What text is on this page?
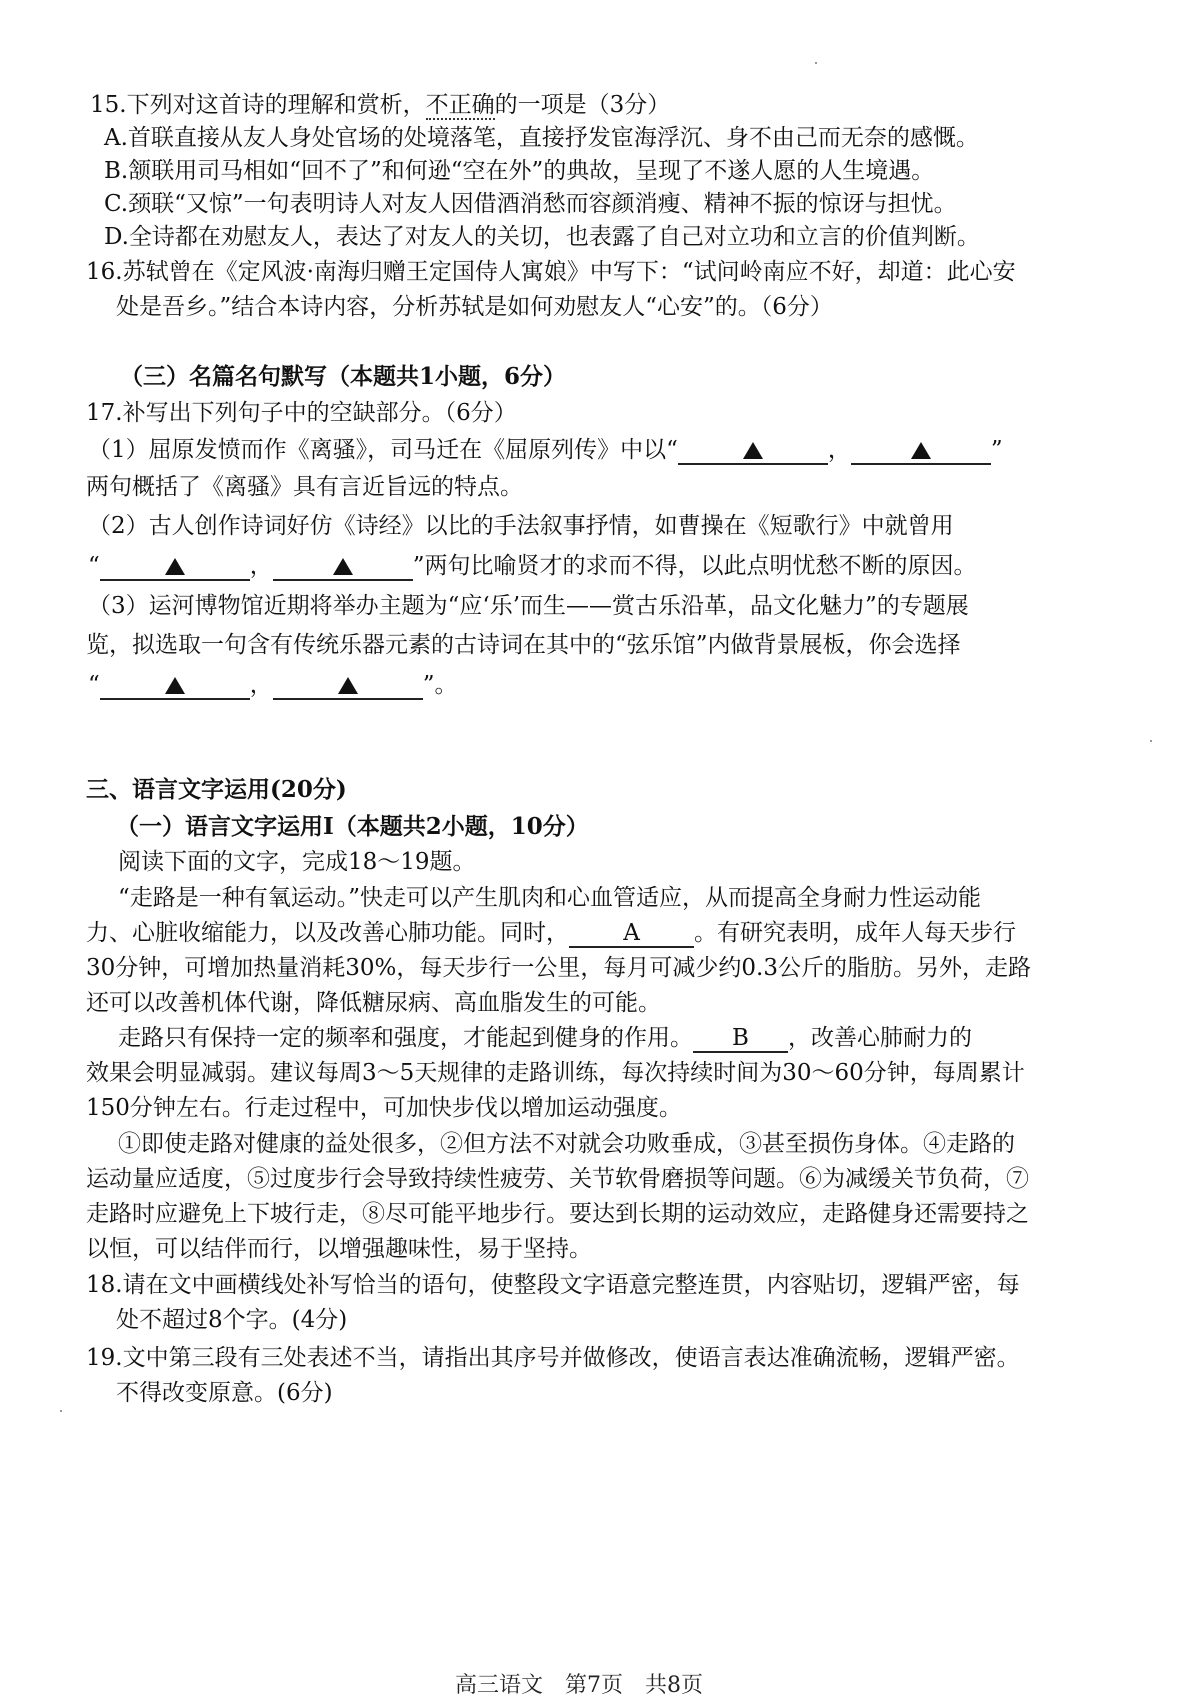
15.下列对这首诗的理解和赏析，不正确的一项是（3分）
A.首联直接从友人身处官场的处境落笔，直接抒发宦海浮沉、身不由己而无奈的感慨。
B.颔联用司马相如“回不了”和何逊“空在外”的典故，呈现了不遂人愿的人生境遇。
C.颈联“又惊”一句表明诗人对友人因借酒消愁而容颜消瘦、精神不振的惊讶与担忧。
D.全诗都在劝慰友人，表达了对友人的关切，也表露了自己对立功和立言的价值判断。
16.苏轼曾在《定风波·南海归赠王定国侍人寓娘》中写下：“试问岭南应不好，却道：此心安
处是吾乡。”结合本诗内容，分析苏轼是如何劝慰友人“心安”的。（6分）
（三）名篇名句默写（本题共1小题，6分）
17.补写出下列句子中的空缺部分。（6分）
（1）屈原发愤而作《离骚》，司马迁在《屈原列传》中以“	，	”
两句概括了《离骚》具有言近旨远的特点。
（2）古人创作诗词好仿《诗经》以比的手法叙事抒情，如曹操在《短歌行》中就曾用
“	，	”两句比喻贤才的求而不得，以此点明忧愁不断的原因。
（3）运河博物馆近期将举办主题为“应‘乐’而生——赏古乐沿革，品文化魅力”的专题展
览，拟选取一句含有传统乐器元素的古诗词在其中的“弦乐馆”内做背景展板，你会选择
“	，	”。
三、语言文字运用(20分)
（一）语言文字运用Ⅰ（本题共2小题，10分）
阅读下面的文字，完成18～19题。
“走路是一种有氧运动。”快走可以产生肌肉和心血管适应，从而提高全身耐力性运动能
力、心脏收缩能力，以及改善心肺功能。同时，	A	。有研究表明，成年人每天步行
30分钟，可增加热量消耗30%，每天步行一公里，每月可减少约0.3公斤的脂肪。另外，走路
还可以改善机体代谢，降低糖尿病、高血脂发生的可能。
走路只有保持一定的频率和强度，才能起到健身的作用。	B	，改善心肺耐力的
效果会明显减弱。建议每周3～5天规律的走路训练，每次持续时间为30～60分钟，每周累计
150分钟左右。行走过程中，可加快步伐以增加运动强度。
①即使走路对健康的益处很多，②但方法不对就会功败垂成，③甚至损伤身体。④走路的
运动量应适度，⑤过度步行会导致持续性疲劳、关节软骨磨损等问题。⑥为减缓关节负荷，⑦
走路时应避免上下坡行走，⑧尽可能平地步行。要达到长期的运动效应，走路健身还需要持之
以恒，可以结伴而行，以增强趣味性，易于坚持。
18.请在文中画横线处补写恰当的语句，使整段文字语意完整连贯，内容贴切，逻辑严密，每
处不超过8个字。(4分)
19.文中第三段有三处表述不当，请指出其序号并做修改，使语言表达准确流畅，逻辑严密。
不得改变原意。(6分)
高三语文　第7页　共8页
